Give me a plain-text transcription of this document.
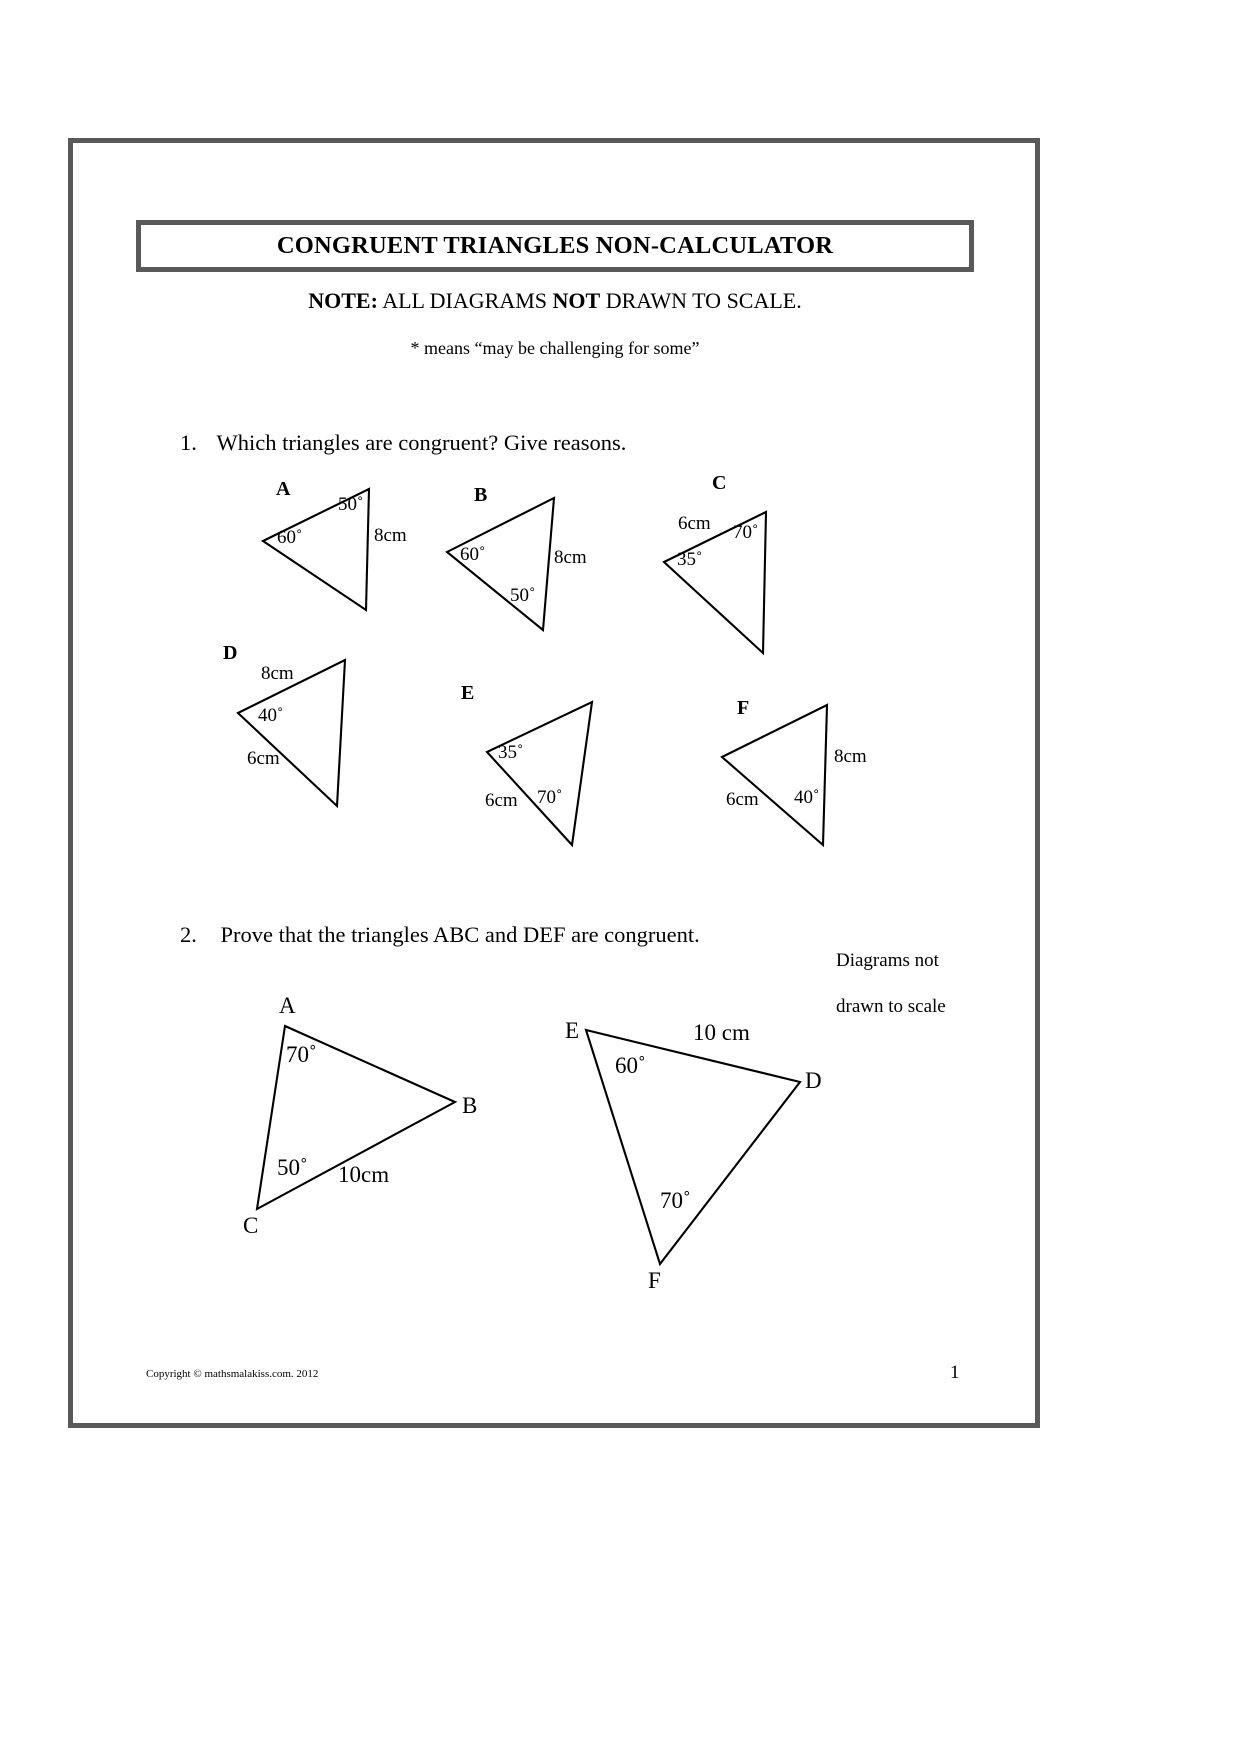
CONGRUENT TRIANGLES NON-CALCULATOR
NOTE: ALL DIAGRAMS NOT DRAWN TO SCALE.
* means “may be challenging for some”
1. Which triangles are congruent? Give reasons.
2. Prove that the triangles ABC and DEF are congruent.
Diagrams not
drawn to scale
A
50˚
60˚	8cm
B
60˚	8cm
50˚
C
6cm 70˚
35˚
D
8cm
40˚
6cm
E
35˚
6cm 70˚
F
8cm
6cm 40˚
A
B
C
70˚
50˚ 10cm
E
D
F
10 cm
60˚
70˚
Copyright © mathsmalakiss.com. 2012	1
